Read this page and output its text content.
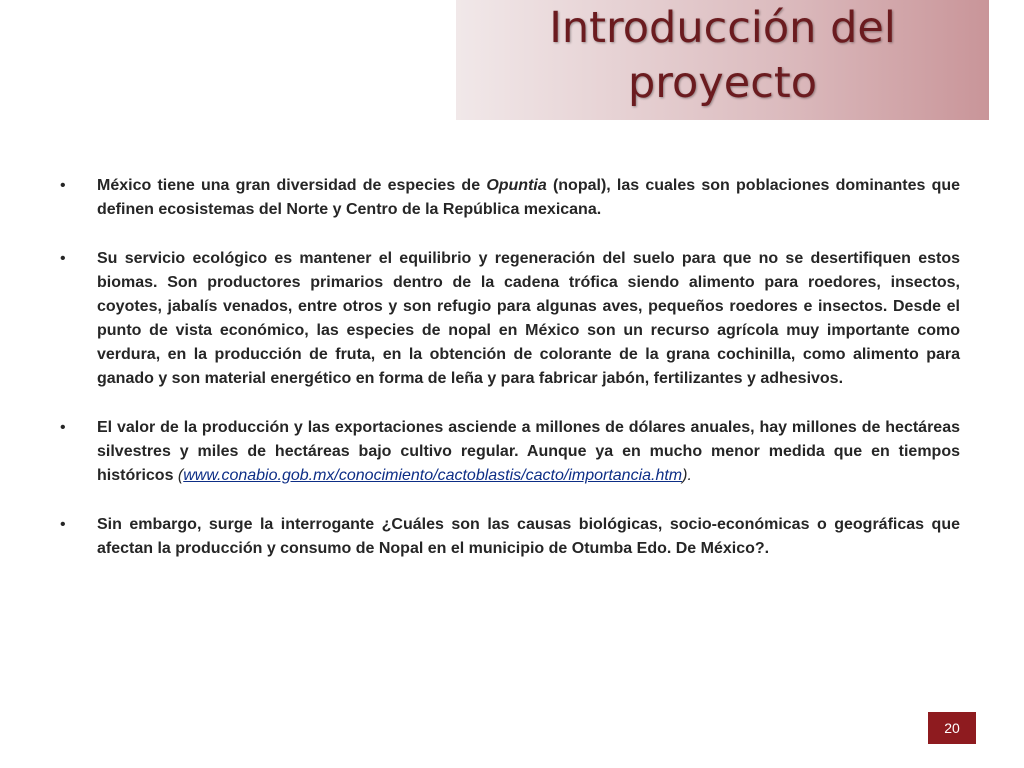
Introducción del
proyecto

• México tiene una gran diversidad de especies de Opuntia (nopal), las cuales son poblaciones dominantes que definen ecosistemas del Norte y Centro de la República mexicana.

• Su servicio ecológico es mantener el equilibrio y regeneración del suelo para que no se desertifiquen estos biomas. Son productores primarios dentro de la cadena trófica siendo alimento para roedores, insectos, coyotes, jabalís venados, entre otros y son refugio para algunas aves, pequeños roedores e insectos. Desde el punto de vista económico, las especies de nopal en México son un recurso agrícola muy importante como verdura, en la producción de fruta, en la obtención de colorante de la grana cochinilla, como alimento para ganado y son material energético en forma de leña y para fabricar jabón, fertilizantes y adhesivos.

• El valor de la producción y las exportaciones asciende a millones de dólares anuales, hay millones de hectáreas silvestres y miles de hectáreas bajo cultivo regular. Aunque ya en mucho menor medida que en tiempos históricos (www.conabio.gob.mx/conocimiento/cactoblastis/cacto/importancia.htm).

• Sin embargo, surge la interrogante ¿Cuáles son las causas biológicas, socio-económicas o geográficas que afectan la producción y consumo de Nopal en el municipio de Otumba Edo. De México?.

20
